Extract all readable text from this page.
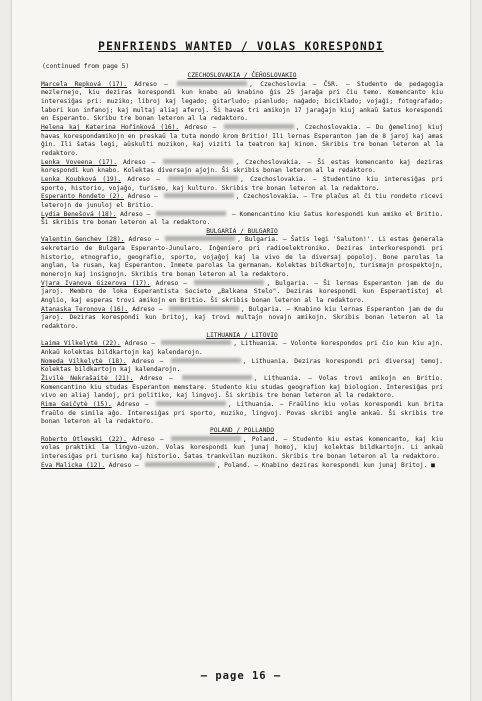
PENFRIENDS WANTED / VOLAS KORESPONDI
(continued from page 5)
CZECHOSLOVAKIA / ĈEĤOSLOVAKIO

Marcela Repková (17). Adreso –	, Czechoslovia – ĈSR. – Studento de pedagogia mezlernejo, kiu deziras korespondi kun knabo aŭ knabino ĝis 25 jaraĝa pri ĉiu temo. Komencanto kiu interesiĝas pri: muziko; libroj kaj legado; gitarludo; pianludo; naĝado; bicikladо; vojaĝi; fotografado; labori kun infanoj; kaj multaj aliaj aferoj. Ŝi havas tri amikojn 17 jaraĝajn kiuj ankaŭ ŝatus korespondi en Esperanto. Skribu tre bonan leteron al la redaktoro.

Helena kaj Katerina Hořínková (16). Adreso –	, Czechoslovakia. – Du ĝemelinoj kiuj havas korespondamikojn en preskaŭ la tuta mondo krom Britio! Ili lernas Esperanton jam de 8 jaroj kaj amas ĝin. Ili ŝatas legi, aŭskulti muzikon, kaj viziti la teatron kaj kinon. Skribis tre bonan leteron al la redaktoro.

Lenka Voveena (17). Adreso –	, Czechoslovakia. – Ŝi estas komencanto kaj deziras korespondi kun knabo. Kolektas diversajn ajojn. Ŝi skribis bonan leteron al la redaktoro.

Lenka Koubková (19). Adreso –	, Czechoslovakia. – Studentino kiu interesiĝas pri sporto, historio, vojaĝo, turismo, kaj kulturo. Skribis tre bonan leteron al la redaktoro.

Esperanto Rondeto (2). Adreso –	, Czechoslovakia. – Tre plaĉus al ĉi tiu rondeto ricevi leterojn de junuloj el Britio.

Lydia Benešová (18). Adreso –	– Komencantino kiu ŝatus korespondi kun amiko el Britio. Ŝi skribis tre bonan leteron al la redaktoro.

BULGARIA / BULGARIO

Valentin Genchev (28). Adreso –	, Bulgaria. – Ŝatis legi 'Saluton!'. Li estas ĝenerala sekretario de Bulgara Esperanto-Junularo. Inĝeniero pri radioelektroniko. Deziras interkorespondi pri historio, etnografio, geografio, sporto, vojaĝoj kaj la vivo de la diversaj popoloj. Bone parolas la anglan, la rusan, kaj Esperanton. Inmete parolas la germanan. Kolektas bildkartojn, turismajn prospektojn, monerojn kaj insignojn. Skribis tre bonan leteron al la redaktoro.

Vjara Ivanova Gizerova (17). Adreso –	, Bulgaria. – Ŝi lernas Esperanton jam de du jaroj. Membro de loka Esperantista Societo „Balkana Stelo". Deziras korespondi kun Esperantistoj el Anglio, kaj esperas trovi amikojn en Britio. Ŝi skribis bonan leteron al la redaktoro.

Atanaska Teronova (16). Adreso –	, Bulgaria. – Knabino kiu lernas Esperanton jam de du jaroj. Deziras korespondi kun britoj, kaj trovi multajn novajn amikojn. Skribis bonan leteron al la redaktoro.

LITHUANIA / LITOVIO

Laima Vilkelytė (22). Adreso –	, Lithuania. – Volonte korespondos pri ĉio kun kiu ajn. Ankaŭ kolektas bildkartojn kaj kalendarojn.

Nomeda Vilkelytė (18). Adreso –	, Lithuania. Deziras korespondi pri diversaj temoj. Kolektas bildkartojn kaj kalendarojn.

Živilė Nekrašaitė (21). Adreso –	, Lithuania. – Volas trovi amikojn en Britio. Komencantino kiu studas Esperanton memstare. Studento kiu studas geografion kaj biologion. Interesiĝas pri vivo en aliaj landoj, pri politiko, kaj lingvoj. Ŝi skribis tre bonan leteron al la redaktoro.

Rima Gaičytė (15). Adreso –	, Lithuania. – Fraŭlino kiu volas korespondi kun brita fraŭlo de simila aĝo. Interesiĝas pri sporto, muziko, lingvoj. Povas skribi angle ankaŭ. Ŝi skribis tre bonan leteron al la redaktoro.

POLAND / POLLANDO

Roberto Otlewski (22). Adreso –	, Poland. – Studento kiu estas komencanto, kaj kiu volas praktiki la lingvo-uzon. Volas korespondi kun junaj homoj, kiuj kolektas bildkartojn. Li ankaŭ interesiĝas pri turismo kaj historio. Ŝatas trankvilan muzikon. Skribis tre bonan leteron al la redaktoro.

Eva Malicka (12). Adreso –	, Poland. – Knabino deziras korespondi kun junaj Britoj. ■

— page 16 —
